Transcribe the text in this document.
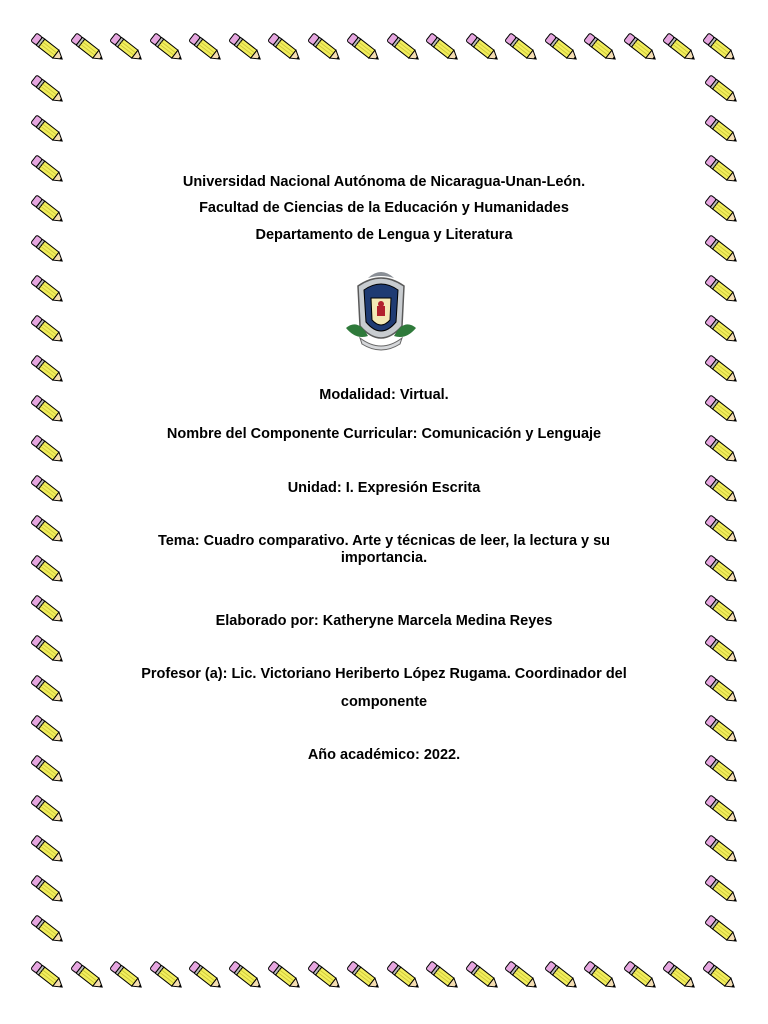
Universidad Nacional Autónoma de Nicaragua-Unan-León.
Facultad de Ciencias de la Educación y Humanidades
Departamento de Lengua y Literatura
Modalidad: Virtual.
Nombre del Componente Curricular: Comunicación y Lenguaje
Unidad: I. Expresión Escrita
Tema: Cuadro comparativo. Arte y técnicas de leer, la lectura y su importancia.
Elaborado por: Katheryne Marcela Medina Reyes
Profesor (a): Lic. Victoriano Heriberto López Rugama. Coordinador del
componente
Año académico: 2022.
